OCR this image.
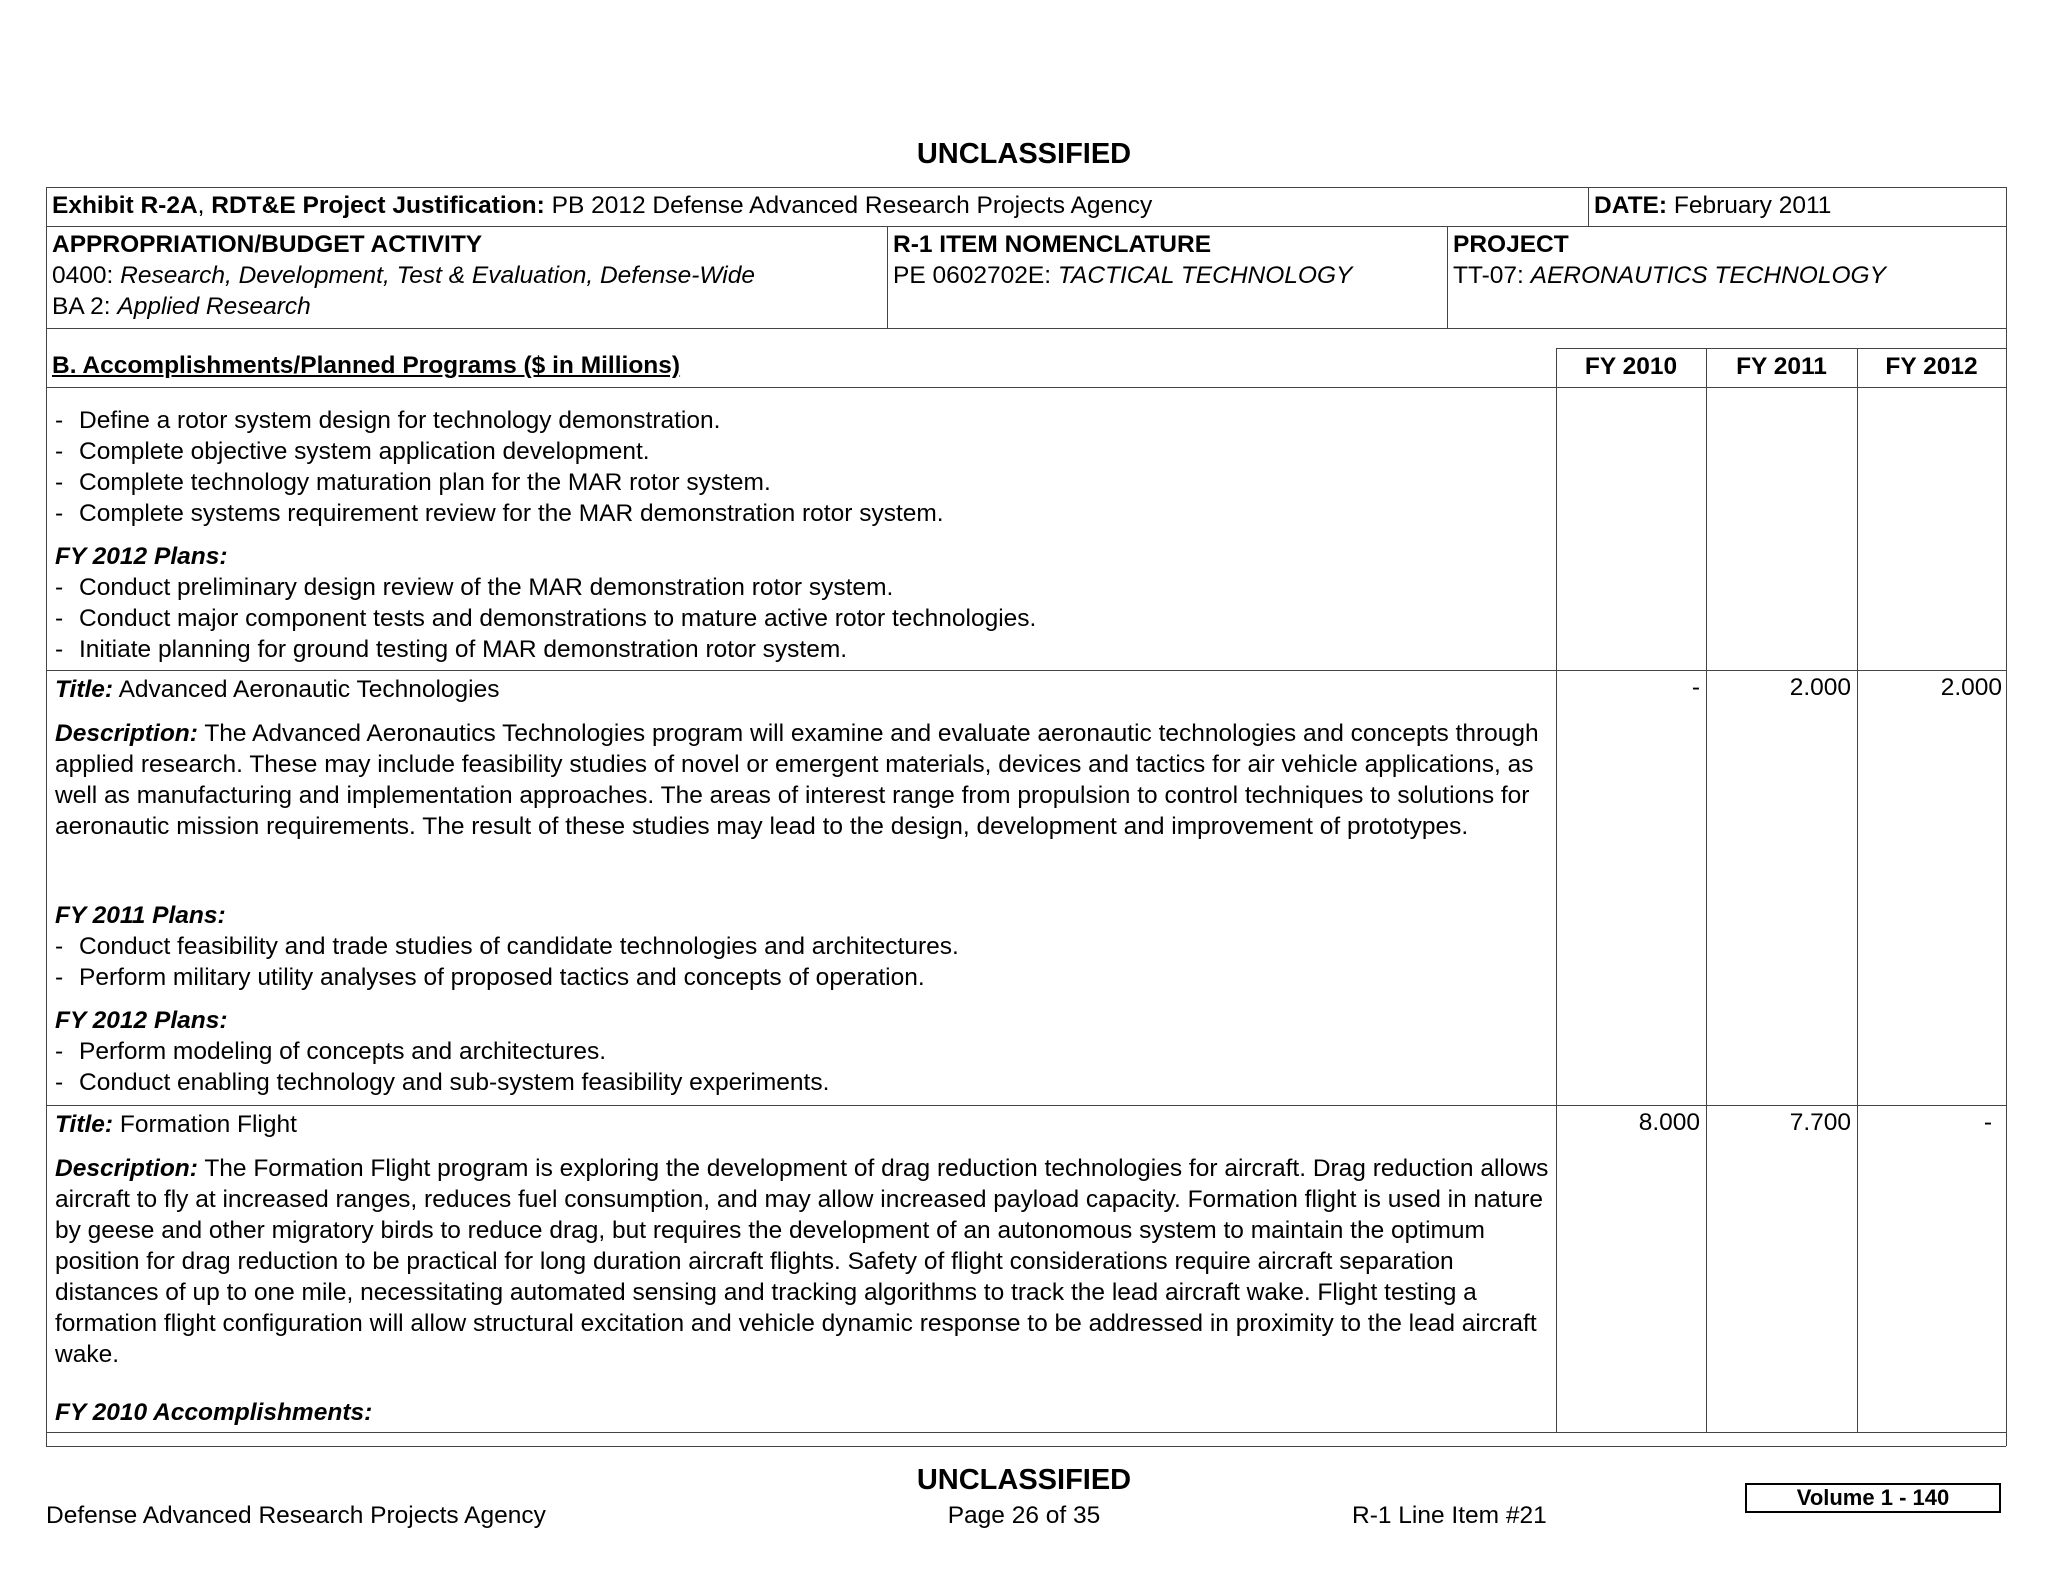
UNCLASSIFIED
Exhibit R-2A, RDT&E Project Justification: PB 2012 Defense Advanced Research Projects Agency	DATE: February 2011
APPROPRIATION/BUDGET ACTIVITY
0400: Research, Development, Test & Evaluation, Defense-Wide
BA 2: Applied Research
R-1 ITEM NOMENCLATURE
PE 0602702E: TACTICAL TECHNOLOGY
PROJECT
TT-07: AERONAUTICS TECHNOLOGY
B. Accomplishments/Planned Programs ($ in Millions)	FY 2010	FY 2011	FY 2012
- Define a rotor system design for technology demonstration.
- Complete objective system application development.
- Complete technology maturation plan for the MAR rotor system.
- Complete systems requirement review for the MAR demonstration rotor system.
FY 2012 Plans:
- Conduct preliminary design review of the MAR demonstration rotor system.
- Conduct major component tests and demonstrations to mature active rotor technologies.
- Initiate planning for ground testing of MAR demonstration rotor system.
Title: Advanced Aeronautic Technologies	-	2.000	2.000
Description: The Advanced Aeronautics Technologies program will examine and evaluate aeronautic technologies and concepts through applied research. These may include feasibility studies of novel or emergent materials, devices and tactics for air vehicle applications, as well as manufacturing and implementation approaches. The areas of interest range from propulsion to control techniques to solutions for aeronautic mission requirements. The result of these studies may lead to the design, development and improvement of prototypes.
FY 2011 Plans:
- Conduct feasibility and trade studies of candidate technologies and architectures.
- Perform military utility analyses of proposed tactics and concepts of operation.
FY 2012 Plans:
- Perform modeling of concepts and architectures.
- Conduct enabling technology and sub-system feasibility experiments.
Title: Formation Flight	8.000	7.700	-
Description: The Formation Flight program is exploring the development of drag reduction technologies for aircraft. Drag reduction allows aircraft to fly at increased ranges, reduces fuel consumption, and may allow increased payload capacity. Formation flight is used in nature by geese and other migratory birds to reduce drag, but requires the development of an autonomous system to maintain the optimum position for drag reduction to be practical for long duration aircraft flights. Safety of flight considerations require aircraft separation distances of up to one mile, necessitating automated sensing and tracking algorithms to track the lead aircraft wake. Flight testing a formation flight configuration will allow structural excitation and vehicle dynamic response to be addressed in proximity to the lead aircraft wake.
FY 2010 Accomplishments:
UNCLASSIFIED
Defense Advanced Research Projects Agency	Page 26 of 35	R-1 Line Item #21
Volume 1 - 140
